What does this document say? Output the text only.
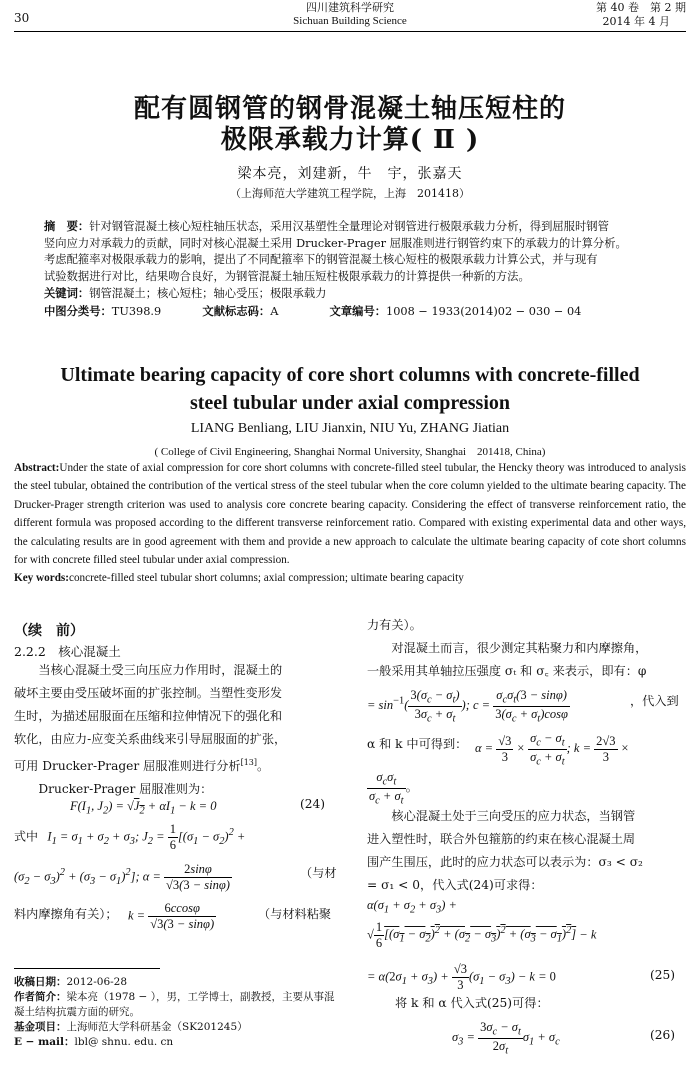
30
四川建筑科学研究
Sichuan Building Science
第 40 卷　第 2 期
2014 年 4 月
配有圆钢管的钢骨混凝土轴压短柱的
极限承载力计算( Ⅱ )
梁本亮，刘建新，牛　宇，张嘉天
（上海师范大学建筑工程学院，上海　201418）
摘　要：针对钢管混凝土核心短柱轴压状态，采用汉基塑性全量理论对钢管进行极限承载力分析，得到屈服时钢管
竖向应力对承载力的贡献，同时对核心混凝土采用 Drucker-Prager 屈服准则进行钢管约束下的承载力的计算分析。
考虑配箍率对极限承载力的影响，提出了不同配箍率下的钢管混凝土核心短柱的极限承载力计算公式，并与现有
试验数据进行对比，结果吻合良好，为钢管混凝土轴压短柱极限承载力的计算提供一种新的方法。
关键词：钢管混凝土；核心短柱；轴心受压；极限承载力
中图分类号：TU398.9	文献标志码：A	文章编号：1008 − 1933(2014)02 − 030 − 04
Ultimate bearing capacity of core short columns with concrete-filled
steel tubular under axial compression
LIANG Benliang, LIU Jianxin, NIU Yu, ZHANG Jiatian
( College of Civil Engineering, Shanghai Normal University, Shanghai　201418, China)
Abstract:Under the state of axial compression for core short columns with concrete-filled steel tubular, the Hencky theory was introduced to analysis the steel tubular, obtained the contribution of the vertical stress of the steel tubular when the core column yielded to the ultimate bearing capacity. The Drucker-Prager strength criterion was used to analysis core concrete bearing capacity. Considering the effect of transverse reinforcement ratio, the different formula was proposed according to the different transverse reinforcement ratio. Compared with existing experimental data and other ways, the calculating results are in good agreement with them and provide a new approach to calculate the ultimate bearing capacity of cote short columns for with concrete filled steel tubular under axial compression.
Key words:concrete-filled steel tubular short columns; axial compression; ultimate bearing capacity
（续　前）
2.2.2　核心混凝土
当核心混凝土受三向压应力作用时，混凝土的
破坏主要由受压破坏面的扩张控制。当塑性变形发
生时，为描述屈服面在压缩和拉伸情况下的强化和
软化，由应力-应变关系曲线来引导屈服面的扩张，
可用 Drucker-Prager 屈服准则进行分析[13]。
Drucker-Prager 屈服准则为：
$F(I_1$, $J_2) = √J_2 + \alpha I_1 - k = 0$	(24)
式中   $I_1 = \sigma_1 + \sigma_2 + \sigma_3$; $J_2 = \frac{1}{6} [(\sigma_1 - \sigma_2)^2$ +
$(\sigma_2 - \sigma_3)^2 + (\sigma_3 - \sigma_1)^2$]; $\alpha = \frac{2\sin\varphi}{√3(3 - \sin\varphi)}$	（与材
料内摩擦角有关）； $k = \frac{6ccos\varphi}{√3(3 - \sin\varphi)}$	（与材料粘聚
收稿日期：2012-06-28
作者简介：梁本亮（1978 − ），男，工学博士，副教授，主要从事混凝土结构抗震方面的研究。
基金项目：上海师范大学科研基金（SK201245）
E − mail：lbl@ shnu. edu. cn
力有关）。
对混凝土而言，很少测定其粘聚力和内摩擦角，
一般采用其单轴拉压强度 σₜ 和 σ꜀ 来表示，即有：φ
= $\sin^{-1}( \frac{3(\sigma_c - \sigma_t)}{3\sigma_c + \sigma_t}$ ); $c = \frac{\sigma_c\sigma_t(3 - \sin\varphi)}{3(\sigma_c + \sigma_t)\cos\varphi}$	，代入到
α 和 k 中可得到： $\alpha = \frac{√3}{3} \times \frac{\sigma_c - \sigma_t}{\sigma_c + \sigma_t}$ ; $k = \frac{2√3}{3}$ ×
$\frac{\sigma_c\sigma_t}{\sigma_c + \sigma_t}$ 。
核心混凝土处于三向受压的应力状态，当钢管
进入塑性时，联合外包箍筋的约束在核心混凝土周
围产生围压，此时的应力状态可以表示为：σ₃ < σ₂
= σ₁ < 0，代入式(24)可求得：
$\alpha(\sigma_1 + \sigma_2 + \sigma_3)$ +
√ $\frac{1}{6} [(\sigma_1 - \sigma_2)^2 + (\sigma_2 - \sigma_3)^2 + (\sigma_3 - \sigma_1)^2] - k$
= $\alpha(2\sigma_1 + \sigma_3) + \frac{√3}{3} (\sigma_1 - \sigma_3) - k = 0$	(25)
将 k 和 α 代入式(25)可得：
$\sigma_3 = \frac{3\sigma_c - \sigma_t}{2\sigma_t} \sigma_1 + \sigma_c$	(26)
